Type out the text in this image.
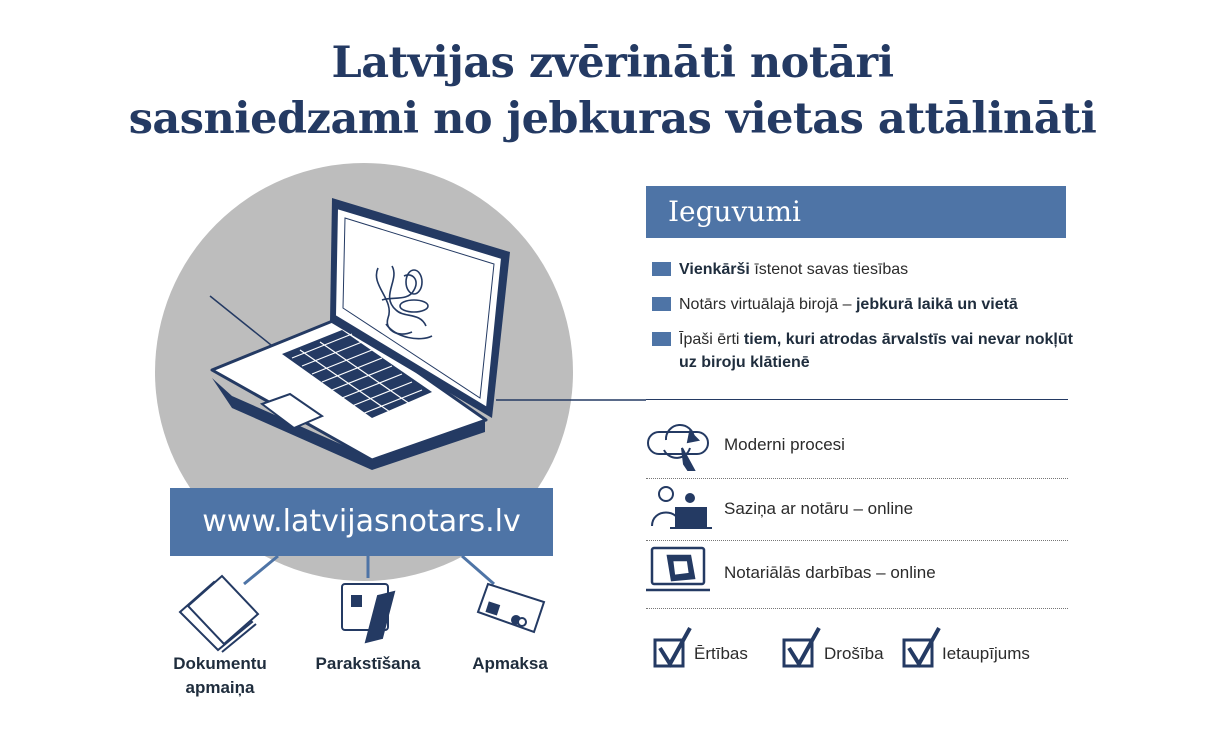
Latvijas zvērināti notāri
sasniedzami no jebkuras vietas attālināti
www.latvijasnotars.lv
Dokumentu
apmaiņa
Parakstīšana	Apmaksa
Ieguvumi
Vienkārši īstenot savas tiesības
Notārs virtuālajā birojā – jebkurā laikā un vietā
Īpaši ērti tiem, kuri atrodas ārvalstīs vai nevar nokļūt uz biroju klātienē
Moderni procesi
Saziņa ar notāru – online
Notariālās darbības – online
Ērtības	Drošība	Ietaupījums
